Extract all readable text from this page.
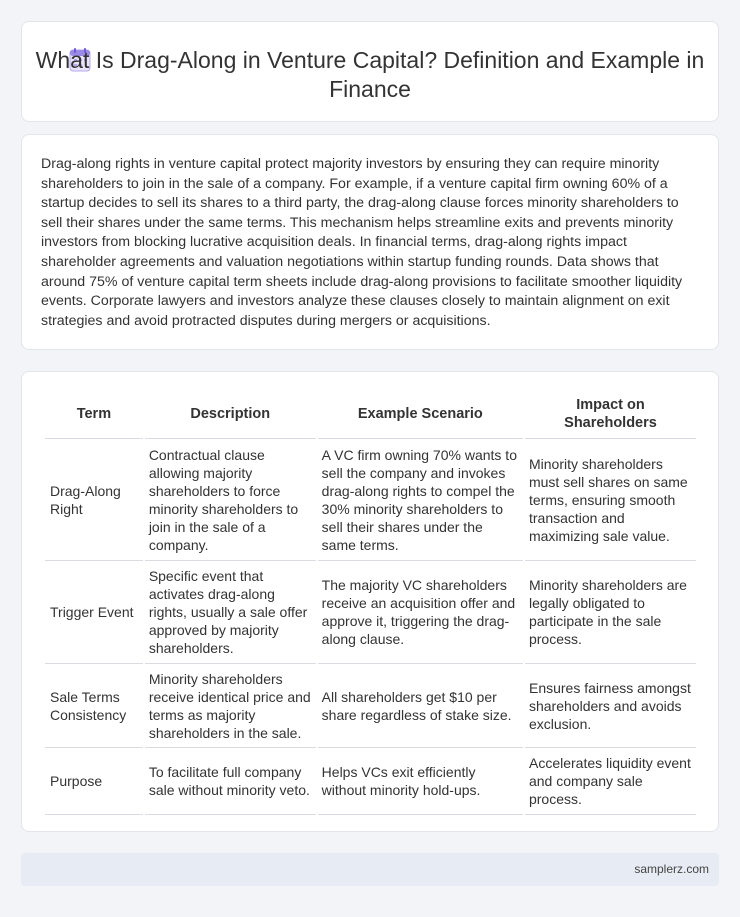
What Is Drag-Along in Venture Capital? Definition and Example in Finance

Drag-along rights in venture capital protect majority investors by ensuring they can require minority shareholders to join in the sale of a company. For example, if a venture capital firm owning 60% of a startup decides to sell its shares to a third party, the drag-along clause forces minority shareholders to sell their shares under the same terms. This mechanism helps streamline exits and prevents minority investors from blocking lucrative acquisition deals. In financial terms, drag-along rights impact shareholder agreements and valuation negotiations within startup funding rounds. Data shows that around 75% of venture capital term sheets include drag-along provisions to facilitate smoother liquidity events. Corporate lawyers and investors analyze these clauses closely to maintain alignment on exit strategies and avoid protracted disputes during mergers or acquisitions.

Term	Description	Example Scenario	Impact on Shareholders
Drag-Along Right	Contractual clause allowing majority shareholders to force minority shareholders to join in the sale of a company.	A VC firm owning 70% wants to sell the company and invokes drag-along rights to compel the 30% minority shareholders to sell their shares under the same terms.	Minority shareholders must sell shares on same terms, ensuring smooth transaction and maximizing sale value.
Trigger Event	Specific event that activates drag-along rights, usually a sale offer approved by majority shareholders.	The majority VC shareholders receive an acquisition offer and approve it, triggering the drag-along clause.	Minority shareholders are legally obligated to participate in the sale process.
Sale Terms Consistency	Minority shareholders receive identical price and terms as majority shareholders in the sale.	All shareholders get $10 per share regardless of stake size.	Ensures fairness amongst shareholders and avoids exclusion.
Purpose	To facilitate full company sale without minority veto.	Helps VCs exit efficiently without minority hold-ups.	Accelerates liquidity event and company sale process.
samplerz.com
